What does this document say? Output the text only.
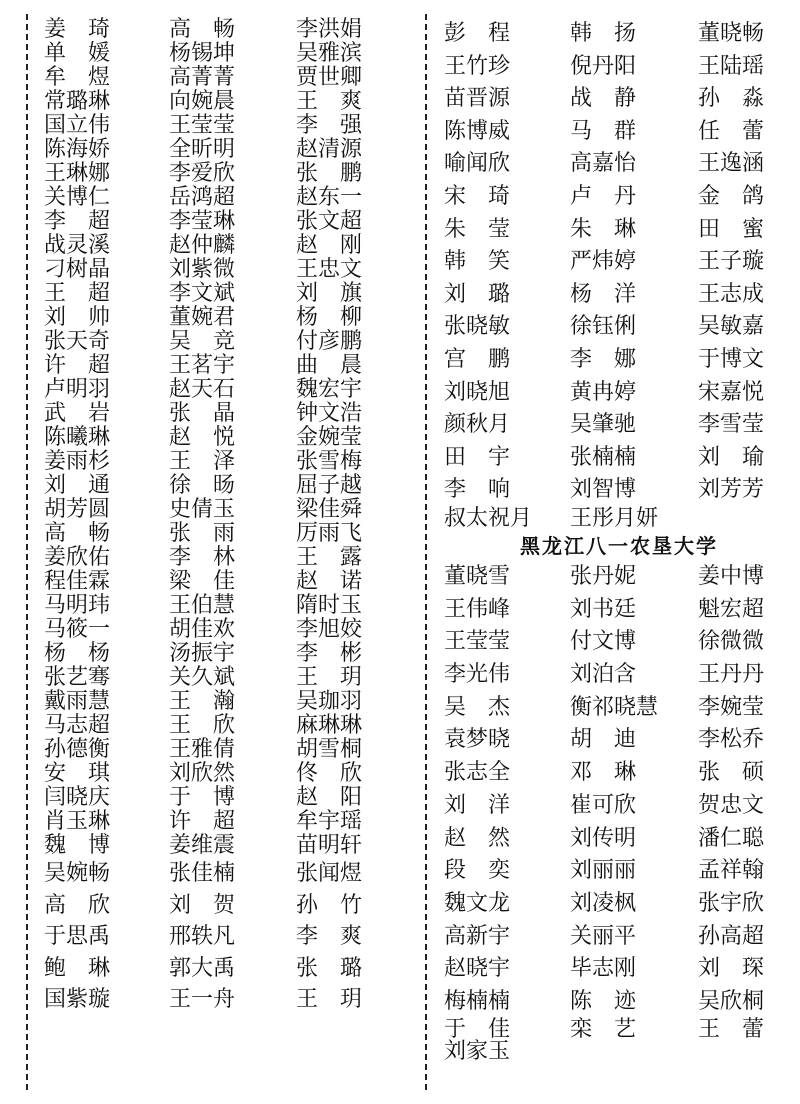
姜　琦	高　畅	李洪娟
单　媛	杨锡坤	吴雅滨
牟　煜	高菁菁	贾世卿
常璐琳	向婉晨	王　爽
国立伟	王莹莹	李　强
陈海娇	全昕明	赵清源
王琳娜	李爱欣	张　鹏
关博仁	岳鸿超	赵东一
李　超	李莹琳	张文超
战灵溪	赵仲麟	赵　刚
刁树晶	刘紫微	王忠文
王　超	李文斌	刘　旗
刘　帅	董婉君	杨　柳
张天奇	吴　竞	付彦鹏
许　超	王茗宇	曲　晨
卢明羽	赵天石	魏宏宇
武　岩	张　晶	钟文浩
陈曦琳	赵　悦	金婉莹
姜雨杉	王　泽	张雪梅
刘　通	徐　旸	屈子越
胡芳圆	史倩玉	梁佳舜
高　畅	张　雨	厉雨飞
姜欣佑	李　林	王　露
程佳霖	梁　佳	赵　诺
马明玮	王伯慧	隋时玉
马筱一	胡佳欢	李旭姣
杨　杨	汤振宇	李　彬
张艺骞	关久斌	王　玥
戴雨慧	王　瀚	吴珈羽
马志超	王　欣	麻琳琳
孙德衡	王雅倩	胡雪桐
安　琪	刘欣然	佟　欣
闫晓庆	于　博	赵　阳
肖玉琳	许　超	牟宇瑶
魏　博	姜维震	苗明轩
吴婉畅	张佳楠	张闻煜
高　欣	刘　贺	孙　竹
于思禹	邢轶凡	李　爽
鲍　琳	郭大禹	张　璐
国紫璇	王一舟	王　玥
彭　程	韩　扬	董晓畅
王竹珍	倪丹阳	王陆瑶
苗晋源	战　静	孙　淼
陈博威	马　群	任　蕾
喻闻欣	高嘉怡	王逸涵
宋　琦	卢　丹	金　鸽
朱　莹	朱　琳	田　蜜
韩　笑	严炜婷	王子璇
刘　璐	杨　洋	王志成
张晓敏	徐钰俐	吴敏嘉
宫　鹏	李　娜	于博文
刘晓旭	黄冉婷	宋嘉悦
颜秋月	吴肇驰	李雪莹
田　宇	张楠楠	刘　瑜
李　响	刘智博	刘芳芳
叔太祝月	王彤月妍
黑龙江八一农垦大学
董晓雪	张丹妮	姜中博
王伟峰	刘书廷	魁宏超
王莹莹	付文博	徐微微
李光伟	刘泊含	王丹丹
吴　杰	衡祁晓慧	李婉莹
袁梦晓	胡　迪	李松乔
张志全	邓　琳	张　硕
刘　洋	崔可欣	贺忠文
赵　然	刘传明	潘仁聪
段　奕	刘丽丽	孟祥翰
魏文龙	刘凌枫	张宇欣
高新宇	关丽平	孙高超
赵晓宇	毕志刚	刘　琛
梅楠楠	陈　迹	吴欣桐
于　佳	栾　艺	王　蕾
刘家玉
